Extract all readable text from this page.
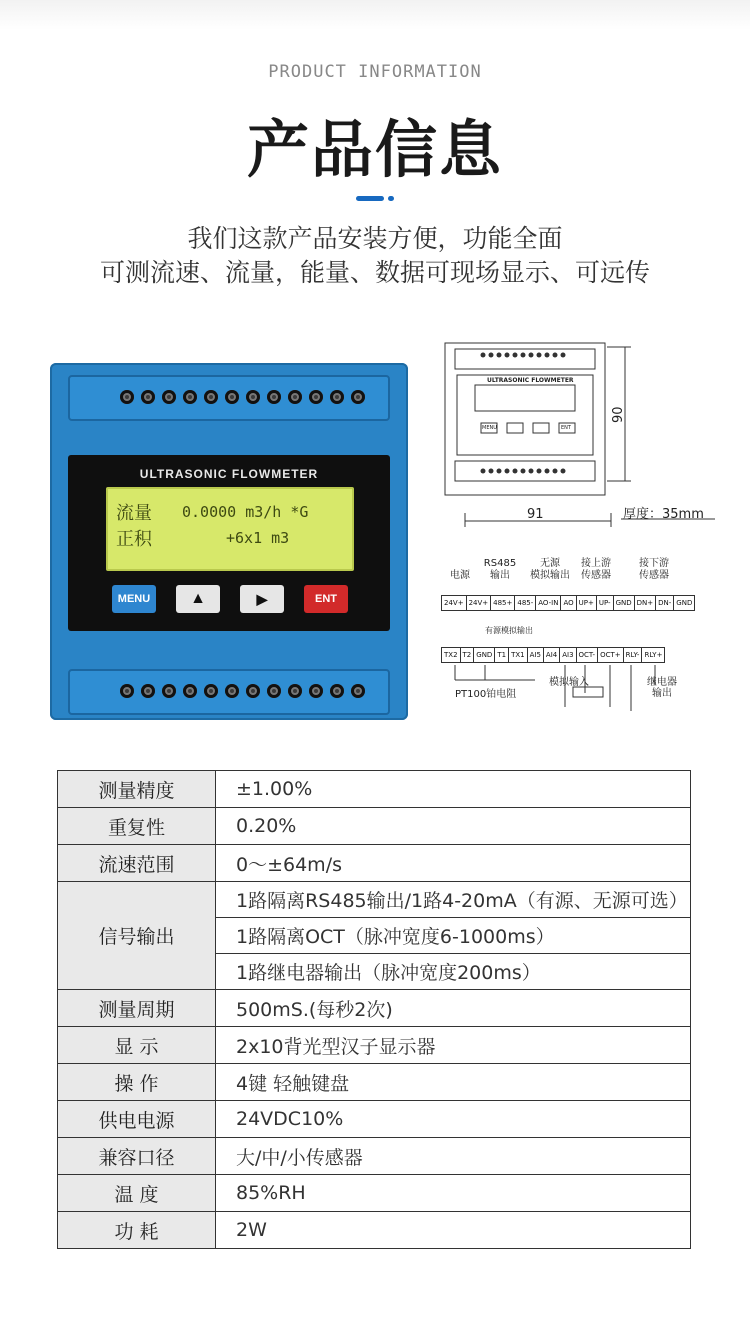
PRODUCT INFORMATION
产品信息
我们这款产品安装方便，功能全面
可测流速、流量，能量、数据可现场显示、可远传
ULTRASONIC FLOWMETER
流量 0.0000 m3/h *G
正积	+6x1 m3
MENU	▲	▶	ENT
90
91	厚度：35mm
ULTRASONIC FLOWMETER
MENU	ENT
电源
RS485
输出
无源
模拟输出
接上游
传感器
接下游
传感器
24V+ 24V+ 485+ 485- AO-IN AO UP+ UP- GND DN+ DN- GND
有源模拟输出
TX2 T2 GND T1 TX1 AI5 AI4 AI3 OCT- OCT+ RLY- RLY+
PT100铂电阻
模拟输入	继电器
输出
测量精度	±1.00%
重复性	0.20%
流速范围	0～±64m/s
信号输出	1路隔离RS485输出/1路4-20mA（有源、无源可选）
	1路隔离OCT（脉冲宽度6-1000ms）
	1路继电器输出（脉冲宽度200ms）
测量周期	500mS.(每秒2次)
显 示	2x10背光型汉子显示器
操 作	4键 轻触键盘
供电电源	24VDC10%
兼容口径	大/中/小传感器
温 度	85%RH
功 耗	2W
